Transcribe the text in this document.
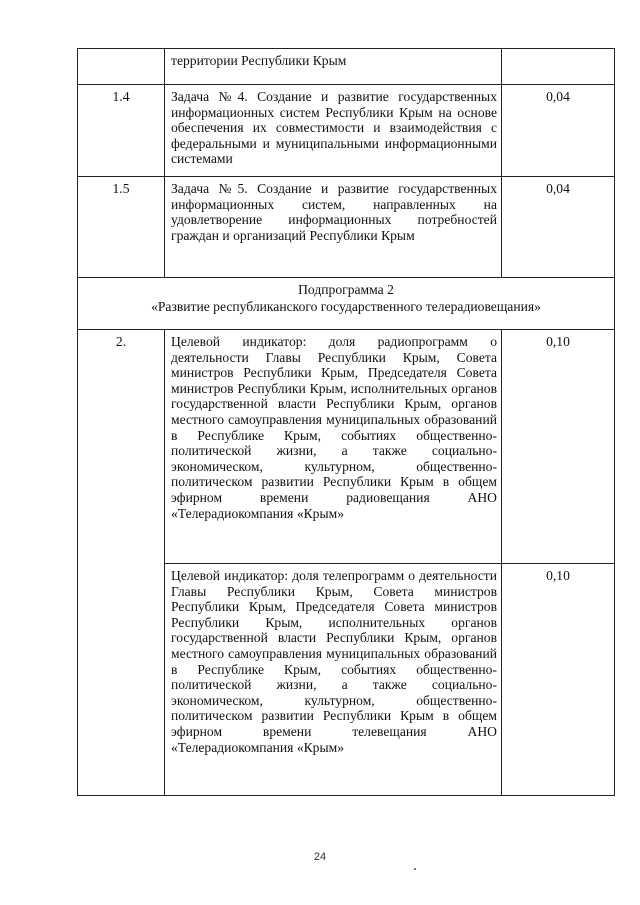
	территории Республики Крым	
1.4	Задача №4. Создание и развитие государственных информационных систем Республики Крым на основе обеспечения их совместимости и взаимодействия с федеральными и муниципальными информационными системами	0,04
1.5	Задача №5. Создание и развитие государственных информационных систем, направленных на удовлетворение информационных потребностей граждан и организаций Республики Крым	0,04

Подпрограмма 2
«Развитие республиканского государственного телерадиовещания»		

2.	Целевой индикатор: доля радиопрограмм о деятельности Главы Республики Крым, Совета министров Республики Крым, Председателя Совета министров Республики Крым, исполнительных органов государственной власти Республики Крым, органов местного самоуправления муниципальных образований в Республике Крым, событиях общественно-политической жизни, а также социально-экономическом, культурном, общественно-политическом развитии Республики Крым в общем эфирном времени радиовещания АНО «Телерадиокомпания «Крым»	0,10
	Целевой индикатор: доля телепрограмм о деятельности Главы Республики Крым, Совета министров Республики Крым, Председателя Совета министров Республики Крым, исполнительных органов государственной власти Республики Крым, органов местного самоуправления муниципальных образований в Республике Крым, событиях общественно-политической жизни, а также социально-экономическом, культурном, общественно-политическом развитии Республики Крым в общем эфирном времени телевещания АНО «Телерадиокомпания «Крым»	0,10
24
